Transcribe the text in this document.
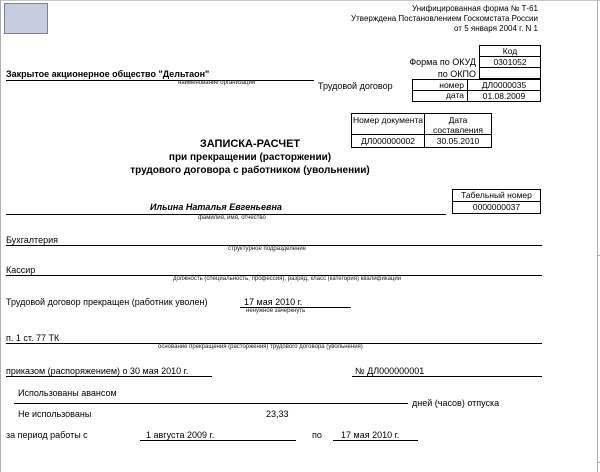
Унифицированная форма № Т-61
Утверждена Постановлением Госкомстата России
от 5 января 2004 г. N 1
Код
Форма по ОКУД	0301052
по ОКПО
Закрытое акционерное общество "Дельтаон"
наименование организации	Трудовой договор	номер	ДЛ0000035
дата	01.08.2009
Номер документа	Дата составления
ДЛ000000002	30.05.2010
ЗАПИСКА-РАСЧЕТ
при прекращении (расторжении)
трудового договора с работником (увольнении)
Табельный номер
0000000037
Ильина Наталья Евгеньевна
фамилия, имя, отчество
Бухгалтерия
структурное подразделение
Кассир
должность (специальность, профессия), разряд, класс (категория) квалификации
Трудовой договор прекращен (работник уволен)	17 мая 2010 г.
ненужное зачеркнуть
п. 1 ст. 77 ТК
основание прекращения (расторжения) трудового договора (увольнения)
приказом (распоряжением) о 30 мая 2010 г.	№ ДЛ000000001
Использованы авансом
дней (часов) отпуска
Не использованы	23,33
за период работы с	1 августа 2009 г.	по 17 мая 2010 г.
